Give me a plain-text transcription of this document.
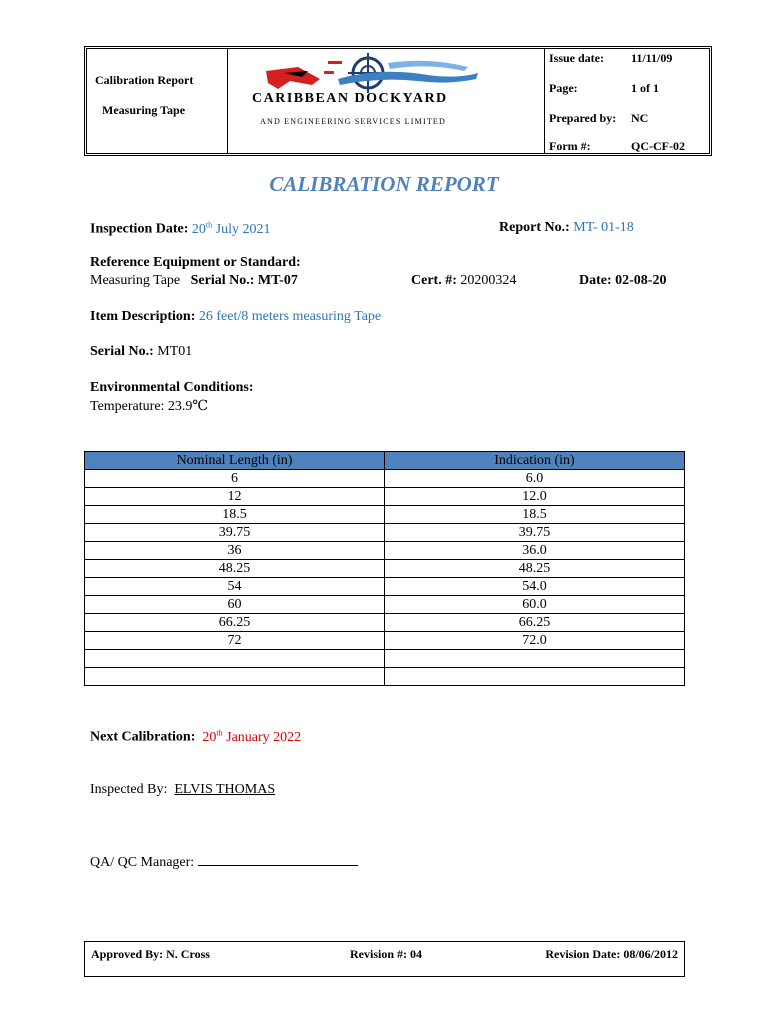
Calibration Report
Measuring Tape
CARIBBEAN DOCKYARD
AND ENGINEERING SERVICES LIMITED
Issue date: 11/11/09
Page:	1 of 1
Prepared by: NC
Form #:	QC-CF-02
CALIBRATION REPORT
Inspection Date: 20th July 2021	Report No.: MT- 01-18
Reference Equipment or Standard:
Measuring Tape Serial No.: MT-07	Cert. #: 20200324	Date: 02-08-20
Item Description: 26 feet/8 meters measuring Tape
Serial No.: MT01
Environmental Conditions:
Temperature: 23.9℃
Nominal Length (in)	Indication (in)
6	6.0
12	12.0
18.5	18.5
39.75	39.75
36	36.0
48.25	48.25
54	54.0
60	60.0
66.25	66.25
72	72.0

Next Calibration: 20th January 2022
Inspected By: ELVIS THOMAS
QA/ QC Manager:
Approved By: N. Cross	Revision #: 04	Revision Date: 08/06/2012
